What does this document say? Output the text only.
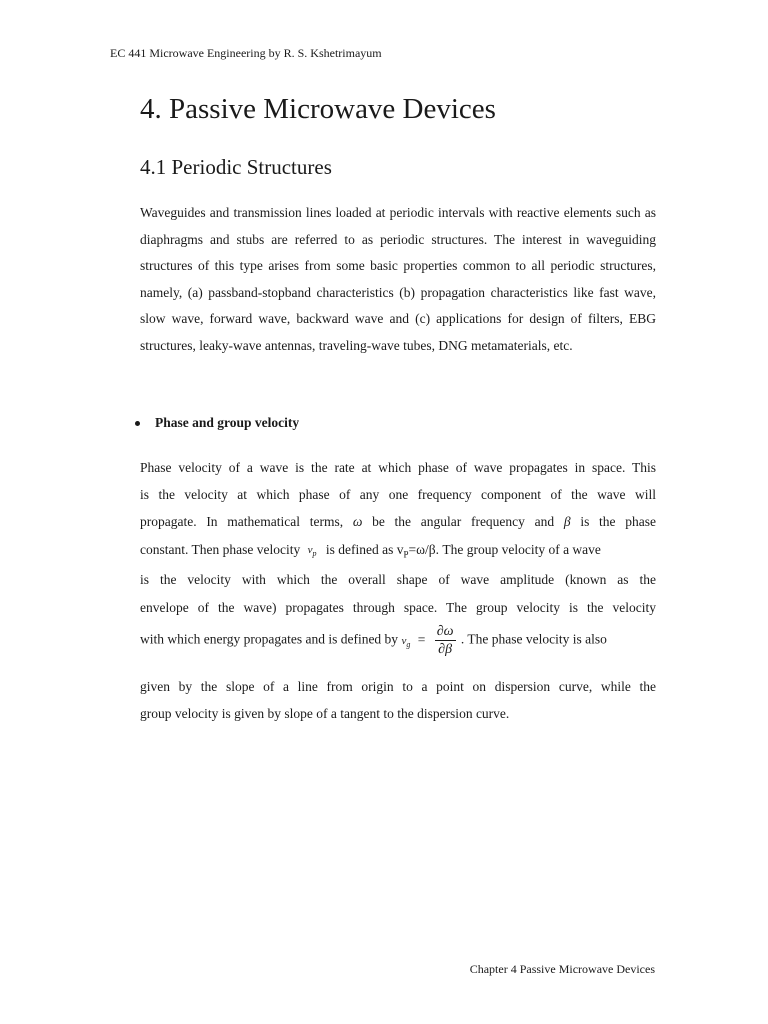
EC 441 Microwave Engineering by R. S. Kshetrimayum
4. Passive Microwave Devices
4.1 Periodic Structures

Waveguides and transmission lines loaded at periodic intervals with reactive elements such as diaphragms and stubs are referred to as periodic structures. The interest in waveguiding structures of this type arises from some basic properties common to all periodic structures, namely, (a) passband-stopband characteristics (b) propagation characteristics like fast wave, slow wave, forward wave, backward wave and (c) applications for design of filters, EBG structures, leaky-wave antennas, traveling-wave tubes, DNG metamaterials, etc.

Phase and group velocity
Phase velocity of a wave is the rate at which phase of wave propagates in space. This
is the velocity at which phase of any one frequency component of the wave will
propagate. In mathematical terms, ω be the angular frequency and β is the phase
constant. Then phase velocity $v_p$ is defined as $v_P=\omega/\beta$. The group velocity of a wave
is the velocity with which the overall shape of wave amplitude (known as the
envelope of the wave) propagates through space. The group velocity is the velocity
with which energy propagates and is defined by $v_g = \frac{\partial\omega}{\partial\beta}$ . The phase velocity is also
given by the slope of a line from origin to a point on dispersion curve, while the
group velocity is given by slope of a tangent to the dispersion curve.
Chapter 4 Passive Microwave Devices
